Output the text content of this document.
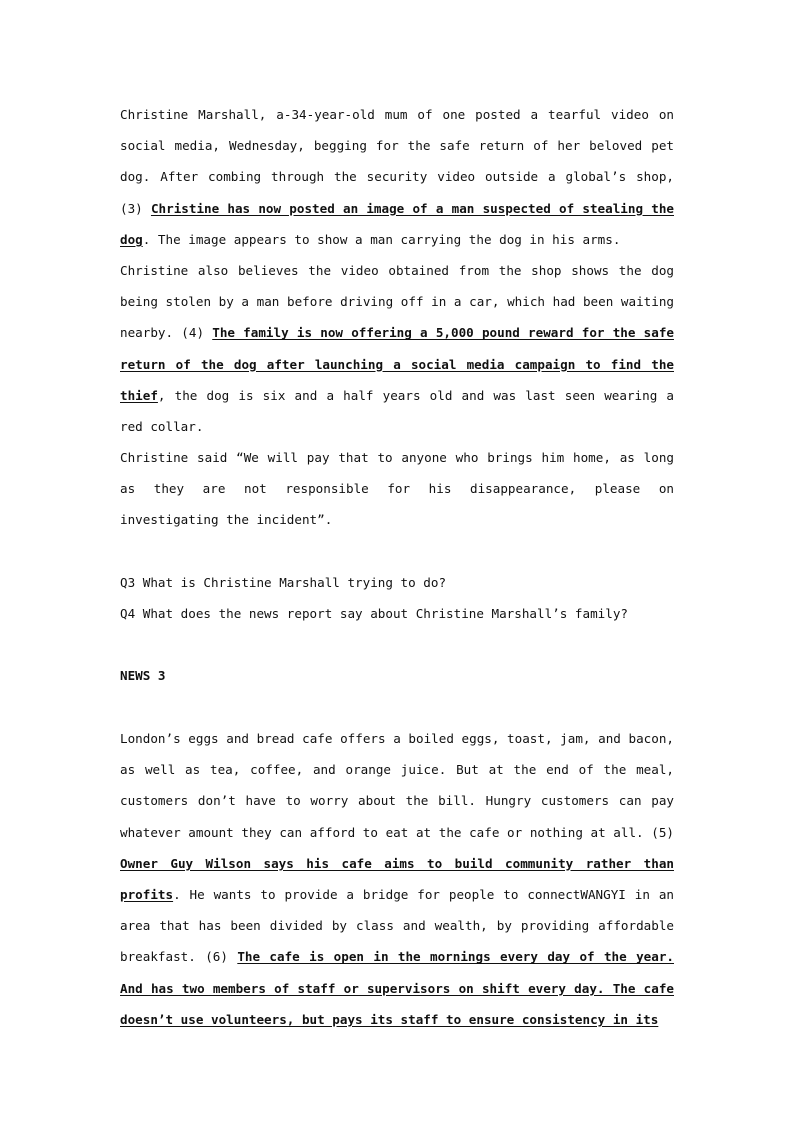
Christine Marshall, a-34-year-old mum of one posted a tearful video on social media, Wednesday, begging for the safe return of her beloved pet dog. After combing through the security video outside a global’s shop, (3) Christine has now posted an image of a man suspected of stealing the dog. The image appears to show a man carrying the dog in his arms.

Christine also believes the video obtained from the shop shows the dog being stolen by a man before driving off in a car, which had been waiting nearby. (4) The family is now offering a 5,000 pound reward for the safe return of the dog after launching a social media campaign to find the thief, the dog is six and a half years old and was last seen wearing a red collar.

Christine said “We will pay that to anyone who brings him home, as long as they are not responsible for his disappearance, please on investigating the incident”.

Q3 What is Christine Marshall trying to do?

Q4 What does the news report say about Christine Marshall’s family?

NEWS 3

London’s eggs and bread cafe offers a boiled eggs, toast, jam, and bacon, as well as tea, coffee, and orange juice. But at the end of the meal, customers don’t have to worry about the bill. Hungry customers can pay whatever amount they can afford to eat at the cafe or nothing at all. (5) Owner Guy Wilson says his cafe aims to build community rather than profits. He wants to provide a bridge for people to connectWANGYI in an area that has been divided by class and wealth, by providing affordable breakfast. (6) The cafe is open in the mornings every day of the year. And has two members of staff or supervisors on shift every day. The cafe doesn’t use volunteers, but pays its staff to ensure consistency in its
